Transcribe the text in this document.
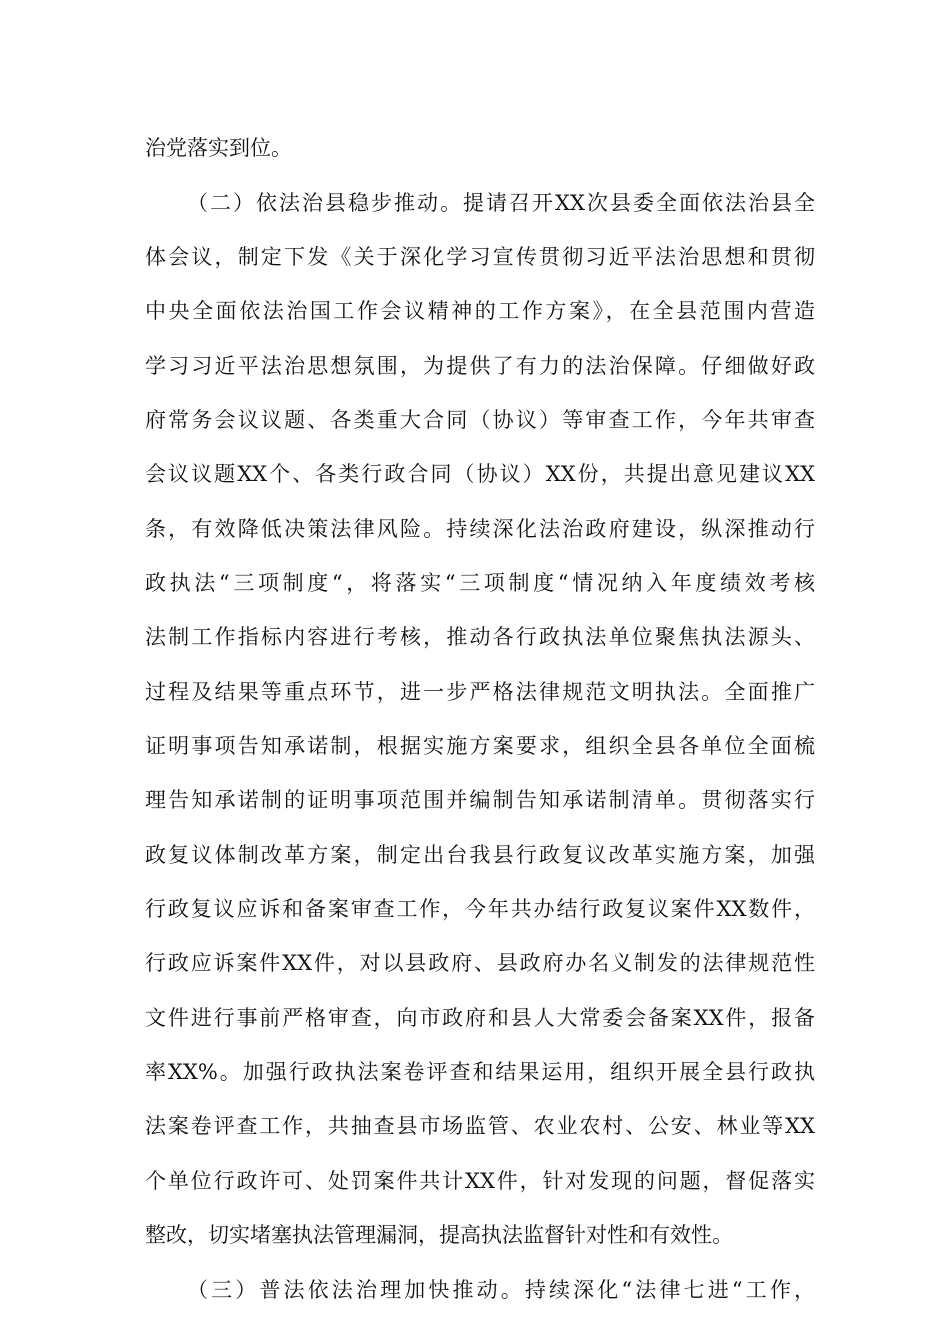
治党落实到位。
（二）依法治县稳步推动。提请召开XX次县委全面依法治县全
体会议，制定下发《关于深化学习宣传贯彻习近平法治思想和贯彻
中央全面依法治国工作会议精神的工作方案》，在全县范围内营造
学习习近平法治思想氛围，为提供了有力的法治保障。仔细做好政
府常务会议议题、各类重大合同（协议）等审查工作，今年共审查
会议议题XX个、各类行政合同（协议）XX份，共提出意见建议XX
条，有效降低决策法律风险。持续深化法治政府建设，纵深推动行
政执法“三项制度“，将落实“三项制度“情况纳入年度绩效考核
法制工作指标内容进行考核，推动各行政执法单位聚焦执法源头、
过程及结果等重点环节，进一步严格法律规范文明执法。全面推广
证明事项告知承诺制，根据实施方案要求，组织全县各单位全面梳
理告知承诺制的证明事项范围并编制告知承诺制清单。贯彻落实行
政复议体制改革方案，制定出台我县行政复议改革实施方案，加强
行政复议应诉和备案审查工作，今年共办结行政复议案件XX数件，
行政应诉案件XX件，对以县政府、县政府办名义制发的法律规范性
文件进行事前严格审查，向市政府和县人大常委会备案XX件，报备
率XX%。加强行政执法案卷评查和结果运用，组织开展全县行政执
法案卷评查工作，共抽查县市场监管、农业农村、公安、林业等XX
个单位行政许可、处罚案件共计XX件，针对发现的问题，督促落实
整改，切实堵塞执法管理漏洞，提高执法监督针对性和有效性。
（三）普法依法治理加快推动。持续深化“法律七进“工作，
